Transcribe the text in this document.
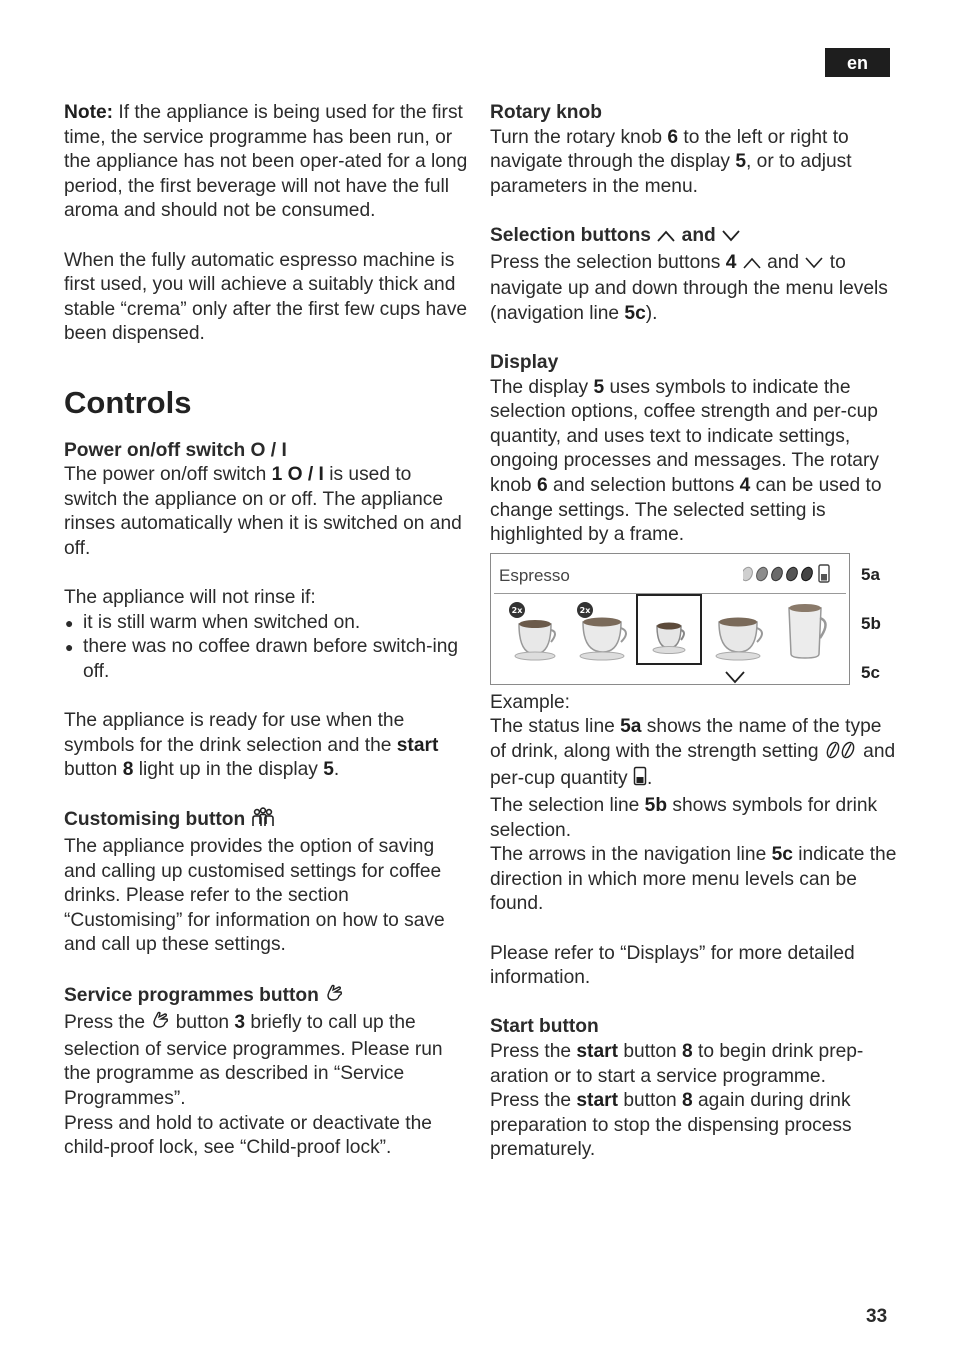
en

Note: If the appliance is being used for the first time, the service programme has been run, or the appliance has not been oper-ated for a long period, the first beverage will not have the full aroma and should not be consumed.

When the fully automatic espresso machine is first used, you will achieve a suitably thick and stable “crema” only after the first few cups have been dispensed.

Controls

Power on/off switch O / I

The power on/off switch 1 O / I is used to switch the appliance on or off. The appliance rinses automatically when it is switched on and off.

The appliance will not rinse if:

● it is still warm when switched on.
● there was no coffee drawn before switch-ing off.

The appliance is ready for use when the symbols for the drink selection and the start button 8 light up in the display 5.

Customising button

The appliance provides the option of saving and calling up customised settings for coffee drinks. Please refer to the section “Customising” for information on how to save and call up these settings.

Service programmes button

Press the  button 3 briefly to call up the selection of service programmes. Please run the programme as described in “Service Programmes”.

Press and hold to activate or deactivate the child-proof lock, see “Child-proof lock”.

Rotary knob

Turn the rotary knob 6 to the left or right to navigate through the display 5, or to adjust parameters in the menu.

Selection buttons  and

Press the selection buttons 4  and  to navigate up and down through the menu levels (navigation line 5c).

Display

The display 5 uses symbols to indicate the selection options, coffee strength and per-cup quantity, and uses text to indicate settings, ongoing processes and messages. The rotary knob 6 and selection buttons 4 can be used to change settings. The selected setting is highlighted by a frame.

Espresso
2x	2x
5a
5b
5c

Example:

The status line 5a shows the name of the type of drink, along with the strength setting  and per-cup quantity .

The selection line 5b shows symbols for drink selection.

The arrows in the navigation line 5c indicate the direction in which more menu levels can be found.

Please refer to “Displays” for more detailed information.

Start button

Press the start button 8 to begin drink prep-aration or to start a service programme.

Press the start button 8 again during drink preparation to stop the dispensing process prematurely.

33
